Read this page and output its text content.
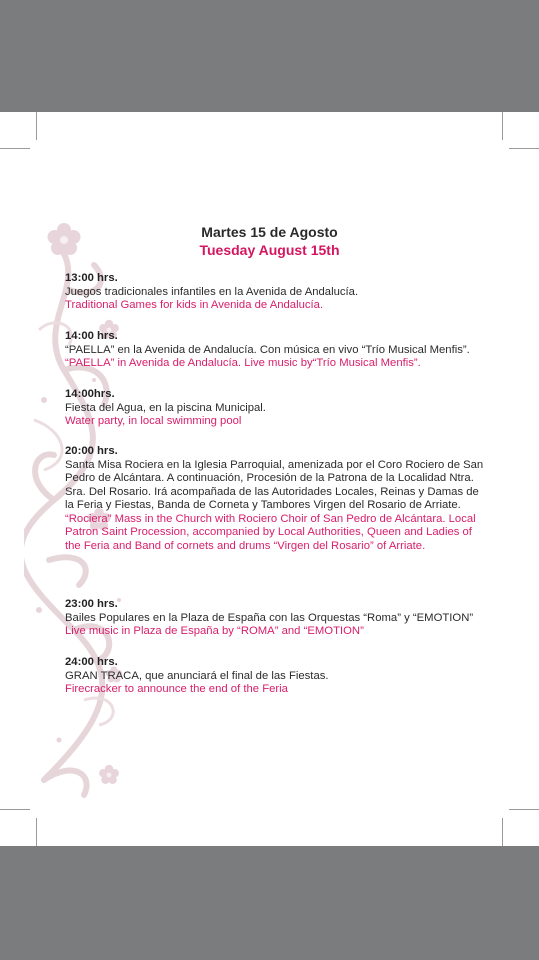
Martes 15 de Agosto
Tuesday August 15th
13:00 hrs.
Juegos tradicionales infantiles en la Avenida de Andalucía.
Traditional Games for kids in Avenida de Andalucía.
14:00 hrs.
“PAELLA” en la Avenida de Andalucía. Con música en vivo “Trío Musical Menfis”.
“PAELLA” in Avenida de Andalucía. Live music by“Trío Musical Menfis”.
14:00hrs.
Fiesta del Agua, en la piscina Municipal.
Water party, in local swimming pool
20:00 hrs.
Santa Misa Rociera en la Iglesia Parroquial, amenizada por el Coro Rociero de San Pedro de Alcántara. A continuación, Procesión de la Patrona de la Localidad Ntra. Sra. Del Rosario. Irá acompañada de las Autoridades Locales, Reinas y Damas de la Feria y Fiestas, Banda de Corneta y Tambores Virgen del Rosario de Arriate.
“Rociera” Mass in the Church with Rociero Choir of San Pedro de Alcántara. Local Patron Saint Procession, accompanied by Local Authorities, Queen and Ladies of the Feria and Band of cornets and drums “Virgen del Rosario” of Arriate.
23:00 hrs.
Bailes Populares en la Plaza de España con las Orquestas “Roma” y “EMOTION”
Live music in Plaza de España by “ROMA” and “EMOTION”
24:00 hrs.
GRAN TRACA, que anunciará el final de las Fiestas.
Firecracker to announce the end of the Feria
